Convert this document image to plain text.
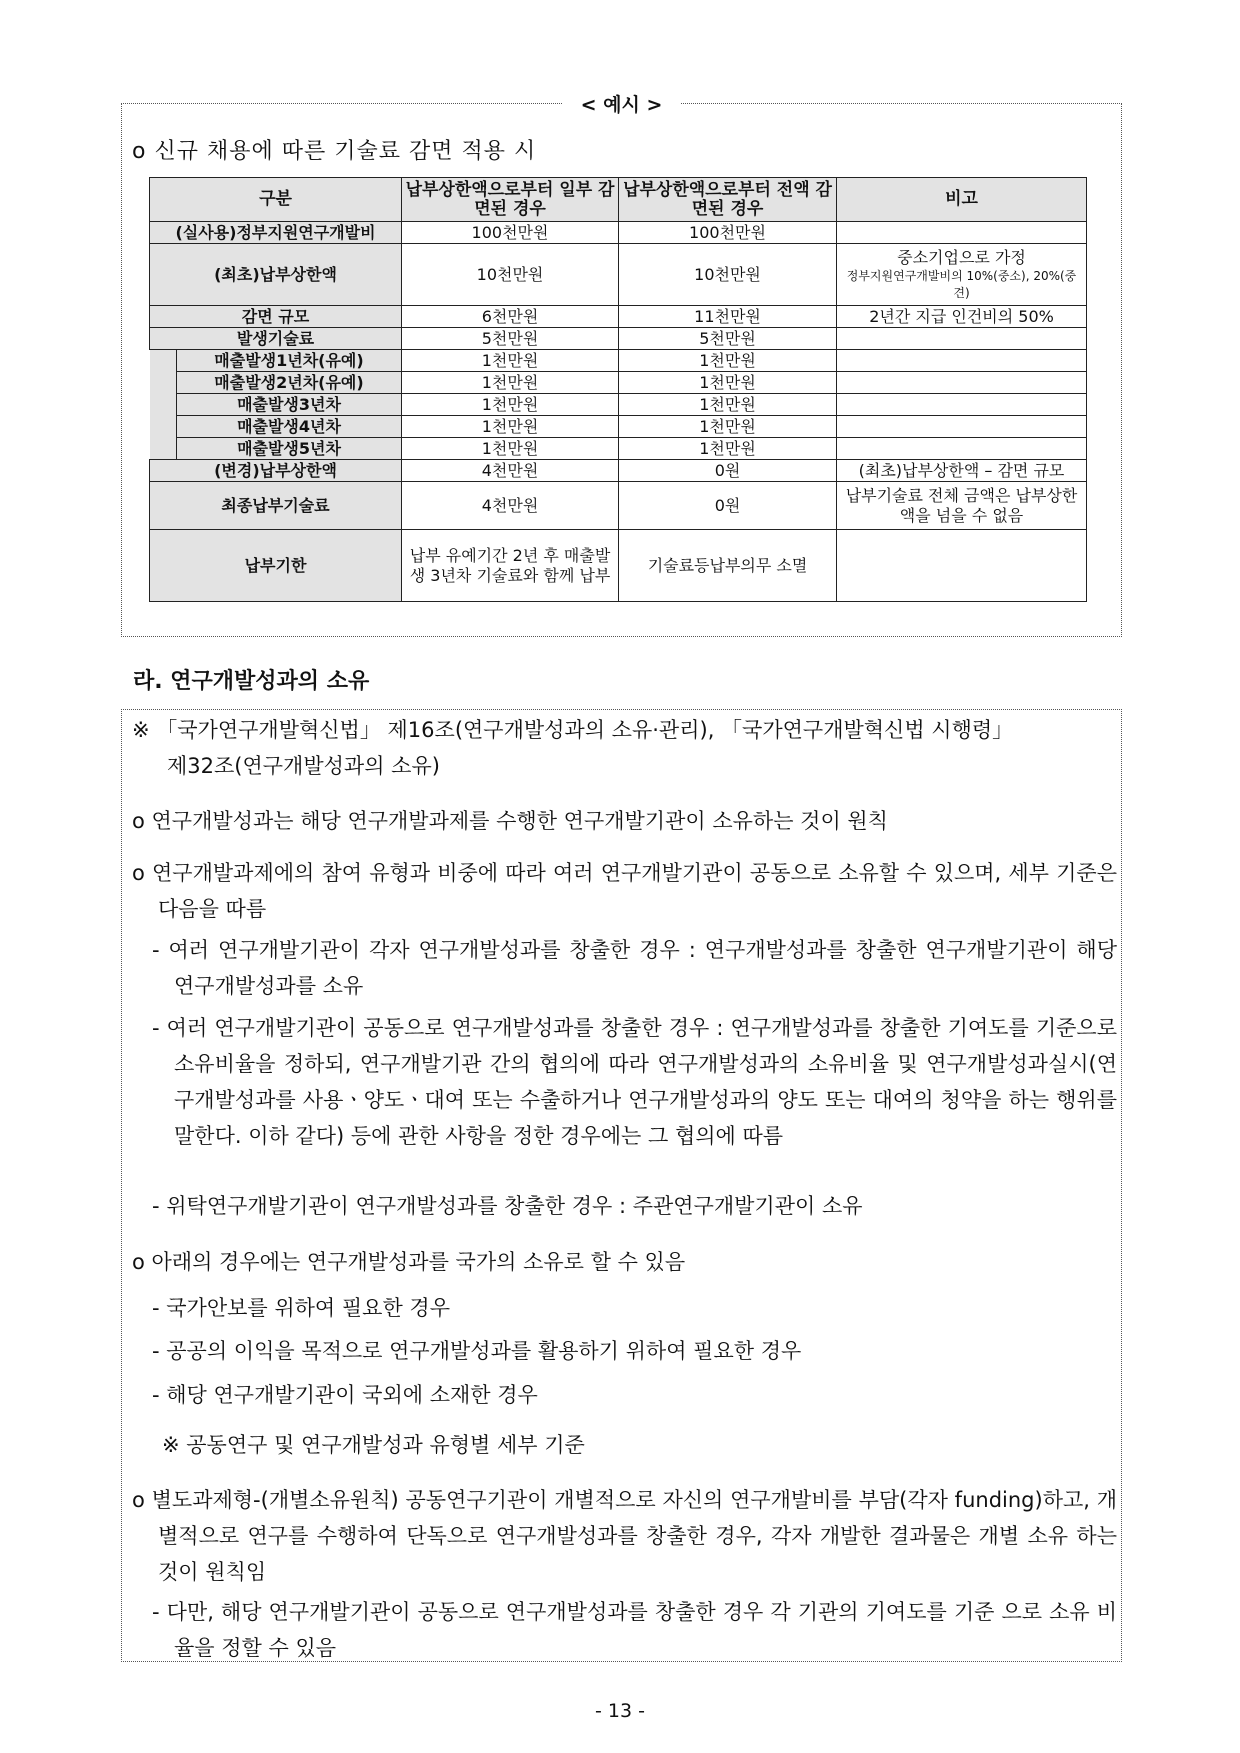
< 예시 >
o 신규 채용에 따른 기술료 감면 적용 시
구분		납부상한액으로부터 일부 감면된 경우	납부상한액으로부터 전액 감면된 경우	비고
(실사용)정부지원연구개발비		100천만원	100천만원	
(최초)납부상한액		10천만원	10천만원	중소기업으로 가정
정부지원연구개발비의 10%(중소), 20%(중견)

감면 규모		6천만원	11천만원	2년간 지급 인건비의 50%
발생기술료		5천만원	5천만원	
	매출발생1년차(유예)	1천만원	1천만원	
	매출발생2년차(유예)	1천만원	1천만원	
	매출발생3년차	1천만원	1천만원	
	매출발생4년차	1천만원	1천만원	
	매출발생5년차	1천만원	1천만원	
(변경)납부상한액		4천만원	0원	(최초)납부상한액 – 감면 규모
최종납부기술료		4천만원	0원	납부기술료 전체 금액은 납부상한액을 넘을 수 없음
납부기한		납부 유예기간 2년 후 매출발생 3년차 기술료와 함께 납부	기술료등납부의무 소멸	
라. 연구개발성과의 소유
※ 「국가연구개발혁신법」 제16조(연구개발성과의 소유·관리), 「국가연구개발혁신법 시행령」
제32조(연구개발성과의 소유)
o 연구개발성과는 해당 연구개발과제를 수행한 연구개발기관이 소유하는 것이 원칙
o 연구개발과제에의 참여 유형과 비중에 따라 여러 연구개발기관이 공동으로 소유할 수 있으며, 세부 기준은 다음을 따름
- 여러 연구개발기관이 각자 연구개발성과를 창출한 경우 : 연구개발성과를 창출한 연구개발기관이 해당 연구개발성과를 소유
- 여러 연구개발기관이 공동으로 연구개발성과를 창출한 경우 : 연구개발성과를 창출한 기여도를 기준으로 소유비율을 정하되, 연구개발기관 간의 협의에 따라 연구개발성과의 소유비율 및 연구개발성과실시(연구개발성과를 사용ㆍ양도ㆍ대여 또는 수출하거나 연구개발성과의 양도 또는 대여의 청약을 하는 행위를 말한다. 이하 같다) 등에 관한 사항을 정한 경우에는 그 협의에 따름
- 위탁연구개발기관이 연구개발성과를 창출한 경우 : 주관연구개발기관이 소유
o 아래의 경우에는 연구개발성과를 국가의 소유로 할 수 있음
- 국가안보를 위하여 필요한 경우
- 공공의 이익을 목적으로 연구개발성과를 활용하기 위하여 필요한 경우
- 해당 연구개발기관이 국외에 소재한 경우
※ 공동연구 및 연구개발성과 유형별 세부 기준
o 별도과제형-(개별소유원칙) 공동연구기관이 개별적으로 자신의 연구개발비를 부담(각자 funding)하고, 개별적으로 연구를 수행하여 단독으로 연구개발성과를 창출한 경우, 각자 개발한 결과물은 개별 소유 하는 것이 원칙임
- 다만, 해당 연구개발기관이 공동으로 연구개발성과를 창출한 경우 각 기관의 기여도를 기준 으로 소유 비율을 정할 수 있음
- 13 -
